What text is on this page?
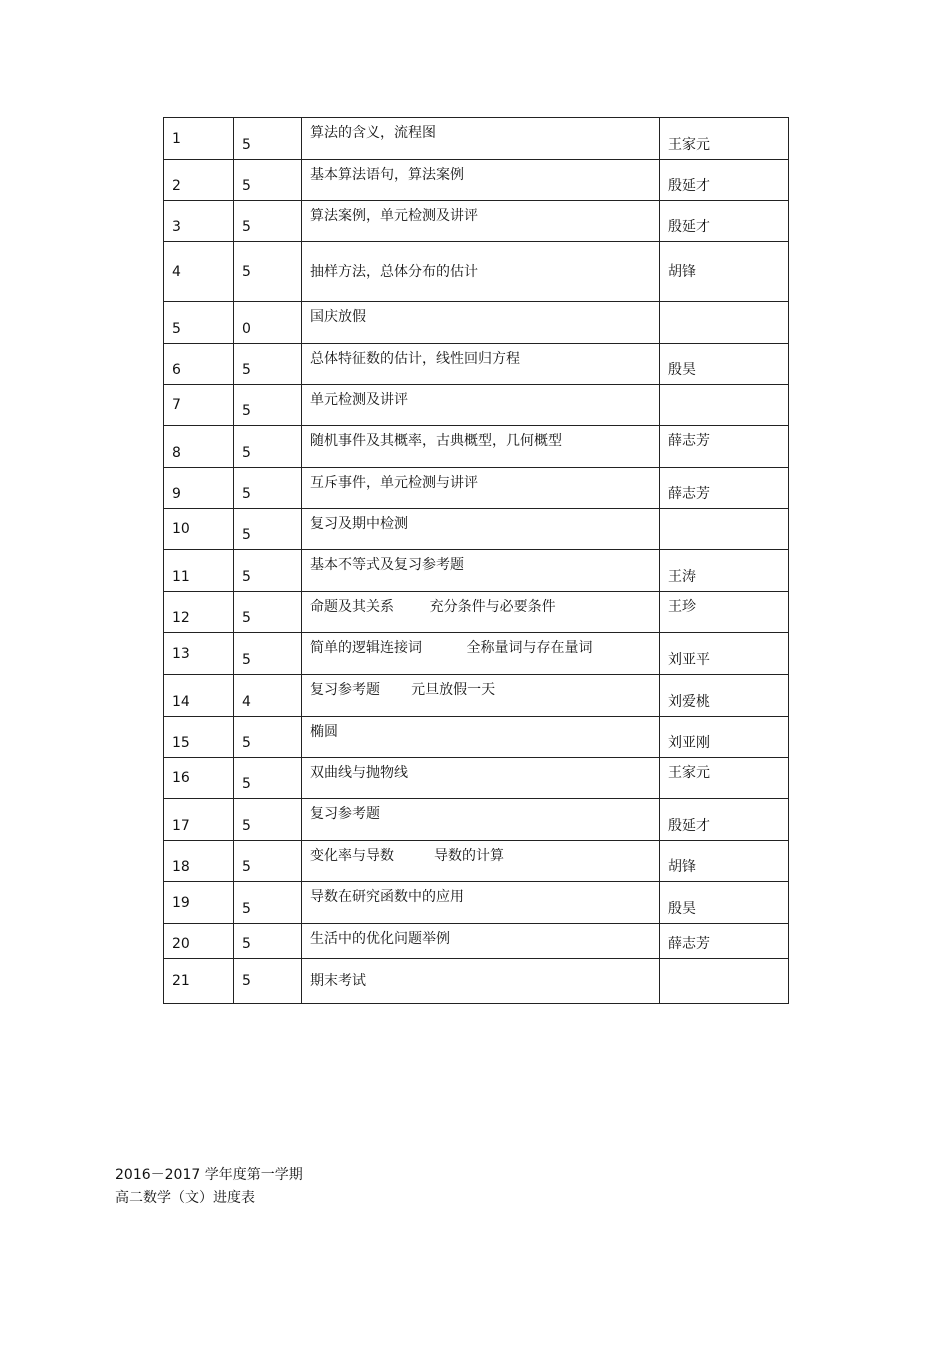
1	5	算法的含义，流程图	王家元

2	5	基本算法语句，算法案例	殷延才

3	5	算法案例，单元检测及讲评	殷延才

4	5	抽样方法，总体分布的估计	胡锋

5	0	国庆放假	

6	5	总体特征数的估计，线性回归方程	殷昊

7	5	单元检测及讲评	

8	5	随机事件及其概率，古典概型，几何概型	薛志芳

9	5	互斥事件，单元检测与讲评	薛志芳

10	5	复习及期中检测	

11	5	基本不等式及复习参考题	王涛

12	5	命题及其关系        充分条件与必要条件	王珍

13	5	简单的逻辑连接词          全称量词与存在量词	刘亚平

14	4	复习参考题       元旦放假一天	刘爱桃

15	5	椭圆	刘亚刚

16	5	双曲线与抛物线	王家元

17	5	复习参考题	殷延才

18	5	变化率与导数         导数的计算	胡锋

19	5	导数在研究函数中的应用	殷昊

20	5	生活中的优化问题举例	薛志芳

21	5	期末考试	

2016－2017 学年度第一学期
高二数学（文）进度表
